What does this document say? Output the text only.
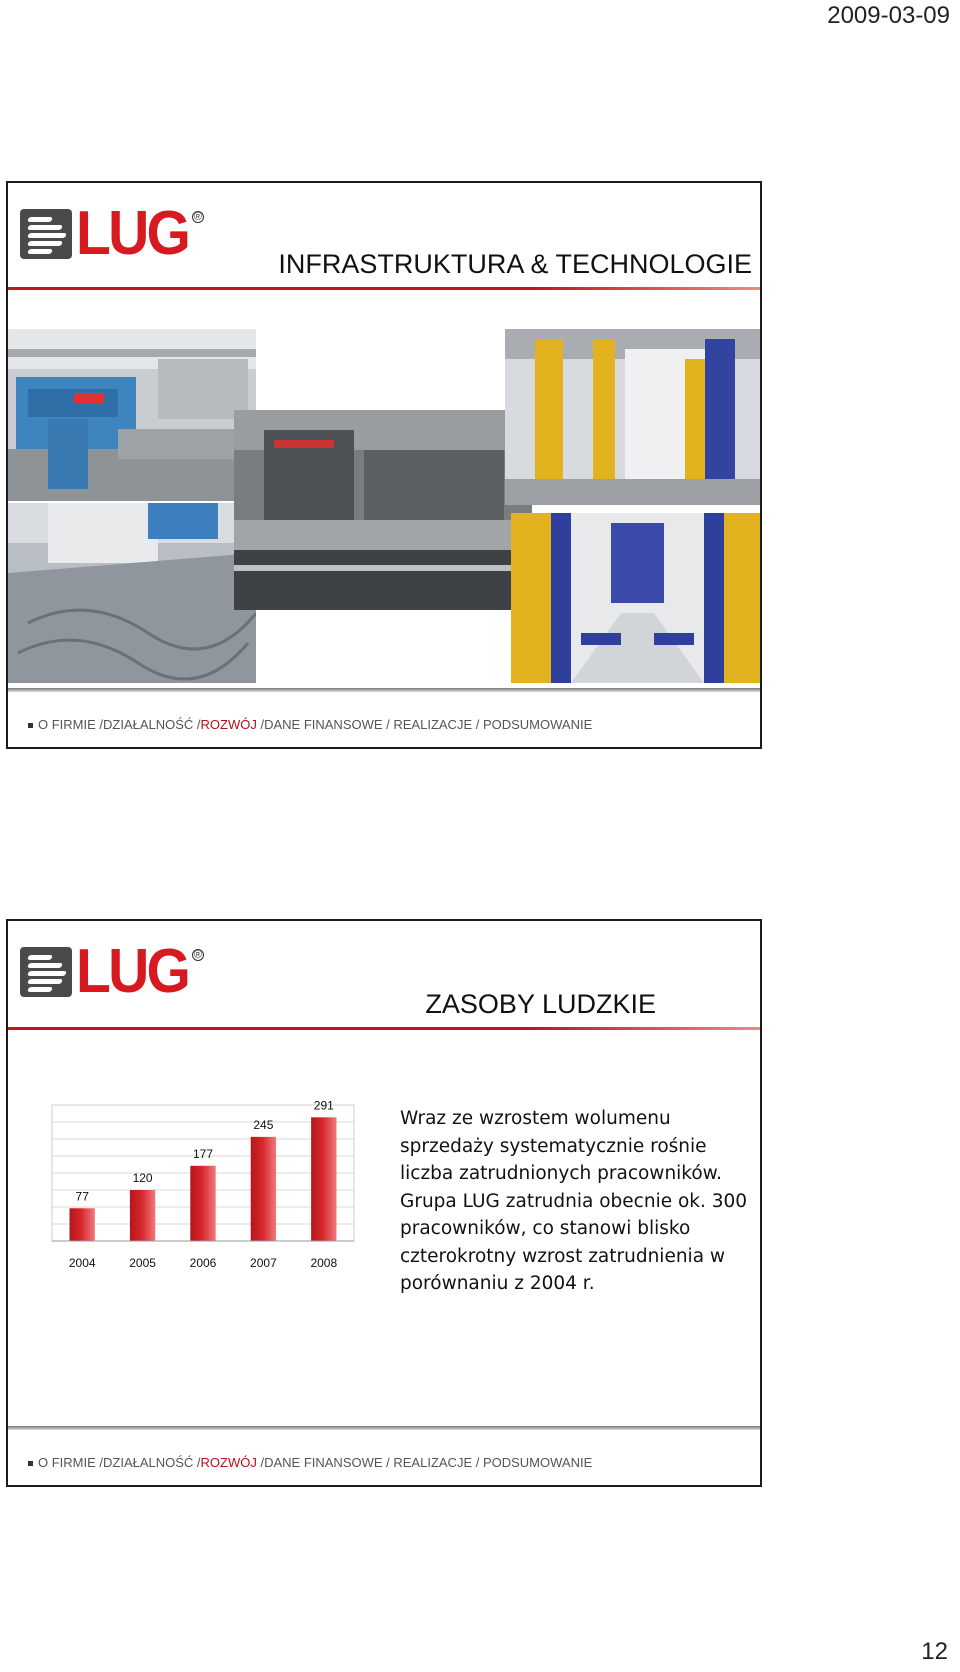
2009-03-09
LUG ®
INFRASTRUKTURA & TECHNOLOGIE
O FIRMIE /DZIAŁALNOŚĆ /ROZWÓJ /DANE FINANSOWE / REALIZACJE / PODSUMOWANIE
LUG ®
ZASOBY LUDZKIE
77
2004
120
2005
177
2006
245
2007
291
2008
Wraz ze wzrostem wolumenu sprzedaży systematycznie rośnie liczba zatrudnionych pracowników. Grupa LUG zatrudnia obecnie ok. 300 pracowników, co stanowi blisko czterokrotny wzrost zatrudnienia w porównaniu z 2004 r.
O FIRMIE /DZIAŁALNOŚĆ /ROZWÓJ /DANE FINANSOWE / REALIZACJE / PODSUMOWANIE
12
